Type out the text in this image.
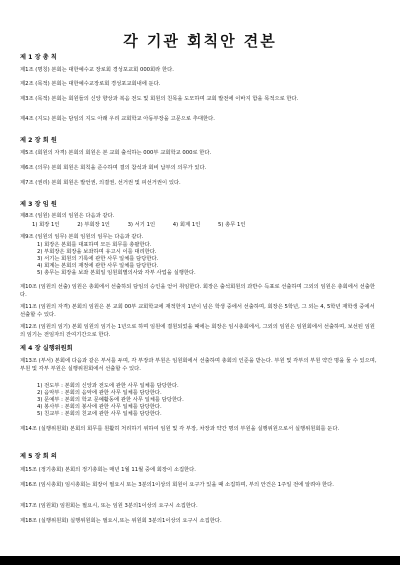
각 기관 회칙안 견본
제 1 장 총 칙
제1조 (명칭) 본회는 대한예수교 장로회 경성포교회 000회라 한다.
제2조 (목적) 본회는 대한예수교장로회 경성포교회내에 둔다.
제3조 (목적) 본회는 회원들의 신앙 향상과 복음 전도 및 회원의 친목을 도모하며 교회 발전에 이바지 함을 목적으로 한다.
제4조 (지도) 본회는 담임의 지도 아래 우리 교회학교 아동부장을 고문으로 추대한다.
제 2 장 회 원
제5조 (회원의 자격) 본회의 회원은 본 교회 출석하는 000부 교회학교 000로 한다.
제6조 (의무) 본회 회원은 회칙을 준수하며 결의 참석과 회비 납부의 의무가 있다.
제7조 (권리) 본회 회원은 발언권, 의결권, 선거권 및 피선거권이 있다.
제 3 장 임 원
제8조 (임원) 본회의 임원은 다음과 같다.
1) 회장 1인	2) 부회장 1인	3) 서기 1인	4) 회계 1인	5) 총무 1인
제9조 (임원의 임무) 본회 임원의 임무는 다음과 같다.
1) 회장은 본회를 대표하며 모든 회무를 총괄한다.
2) 부회장은 회장을 보좌하며 유고시 이를 대리한다.
3) 서기는 회원의 기록에 관한 사무 일체를 담당한다.
4) 회계는 본회의 재정에 관한 사무 일체를 담당한다.
5) 총무는 회장을 보좌 본회일 임원회별의사와 각부 사업을 실행한다.
제10조 (임원의 선출) 임원은 총회에서 선출하되 담임의 승인을 얻어 취임한다. 회장은 출석회원의 과반수 득표로 선출하며 그외의 임원은 총회에서 선출한다.
제11조 (임원의 자격) 본회의 임원은 본 교회 00부 교회학교에 재적한지 1년이 넘은 학생 중에서 선출하며, 회장은 5학년, 그 외는 4, 5학년 재학생 중에서 선출할 수 있다.
제12조 (임원의 임기) 본회 임원의 임기는 1년으로 하며 임원에 결원되었을 때에는 회장은 임시총회에서, 그외의 임원은 임원회에서 선출하며, 보선된 임원의 임기는 전임자의 잔여기간으로 한다.
제 4 장 실행위원회
제13조 (부서) 본회에 다음과 같은 부서를 두며, 각 부장과 부원은 임원회에서 선출하며 총회의 인준을 받는다. 부원 및 각부의 부원 약간 명을 둘 수 있으며, 부원 및 각부 부원은 실행위원회에서 선출할 수 있다.
1) 전도부 : 본회의 신앙과 전도에 관한 사무 일체를 담당한다.
2) 음악부 : 본회의 음악에 관한 사무 일체를 담당한다.
3) 문예부 : 본회의 학교 문예활동에 관한 사무 일체를 담당한다.
4) 봉사부 : 본회의 봉사에 관한 사무 일체를 담당한다.
5) 친교부 : 본회의 친교에 관한 사무 일체를 담당한다.
제14조 (실행위원회) 본회의 회무를 원활히 처리하기 위하여 임원 및 각 부장, 차장과 약간 명의 부원을 실행위원으로서 실행위원회를 둔다.
제 5 장 회 의
제15조 (정기총회) 본회의 정기총회는 매년 1월 11월 중에 회장이 소집한다.
제16조 (임시총회) 임시총회는 회장이 필요시 또는 3분의1이상의 회원이 요구가 있을 때 소집하며, 부의 안건은 1주일 전에 알려야 한다.
제17조 (임원회) 임원회는 필요시, 또는 임원 3분의1이상의 요구시 소집한다.
제18조 (실행위원회) 실행위원회는 필요시,또는 위원회 3분의1이상의 요구시 소집한다.
